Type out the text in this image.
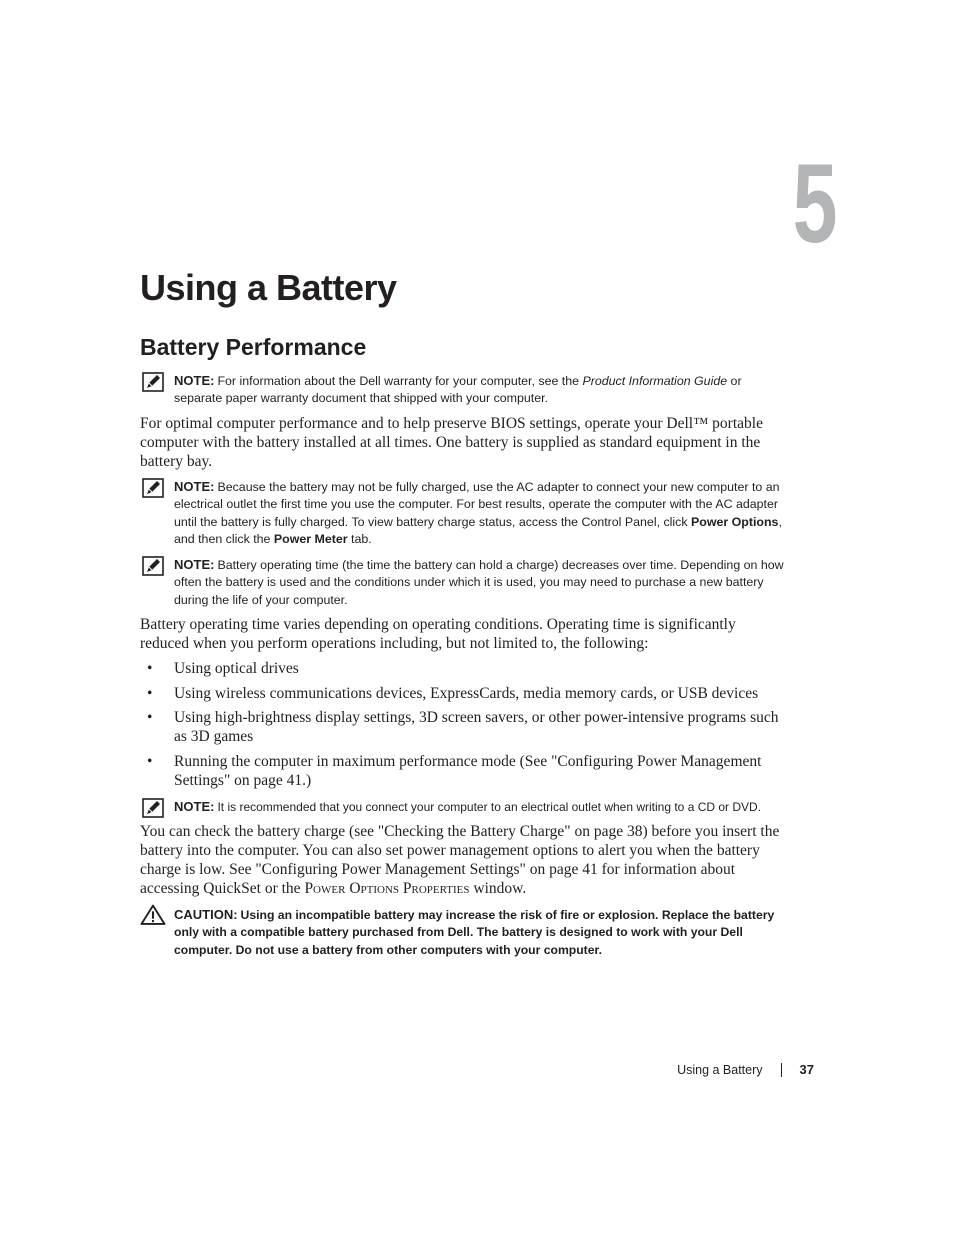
5
Using a Battery
Battery Performance

NOTE: For information about the Dell warranty for your computer, see the Product Information Guide or separate paper warranty document that shipped with your computer.

For optimal computer performance and to help preserve BIOS settings, operate your Dell™ portable computer with the battery installed at all times. One battery is supplied as standard equipment in the battery bay.

NOTE: Because the battery may not be fully charged, use the AC adapter to connect your new computer to an electrical outlet the first time you use the computer. For best results, operate the computer with the AC adapter until the battery is fully charged. To view battery charge status, access the Control Panel, click Power Options, and then click the Power Meter tab.

NOTE: Battery operating time (the time the battery can hold a charge) decreases over time. Depending on how often the battery is used and the conditions under which it is used, you may need to purchase a new battery during the life of your computer.

Battery operating time varies depending on operating conditions. Operating time is significantly reduced when you perform operations including, but not limited to, the following:

• Using optical drives
• Using wireless communications devices, ExpressCards, media memory cards, or USB devices
• Using high-brightness display settings, 3D screen savers, or other power-intensive programs such as 3D games
• Running the computer in maximum performance mode (See "Configuring Power Management Settings" on page 41.)

NOTE: It is recommended that you connect your computer to an electrical outlet when writing to a CD or DVD.

You can check the battery charge (see "Checking the Battery Charge" on page 38) before you insert the battery into the computer. You can also set power management options to alert you when the battery charge is low. See "Configuring Power Management Settings" on page 41 for information about accessing QuickSet or the Power Options Properties window.

CAUTION: Using an incompatible battery may increase the risk of fire or explosion. Replace the battery only with a compatible battery purchased from Dell. The battery is designed to work with your Dell computer. Do not use a battery from other computers with your computer.

Using a Battery	37
